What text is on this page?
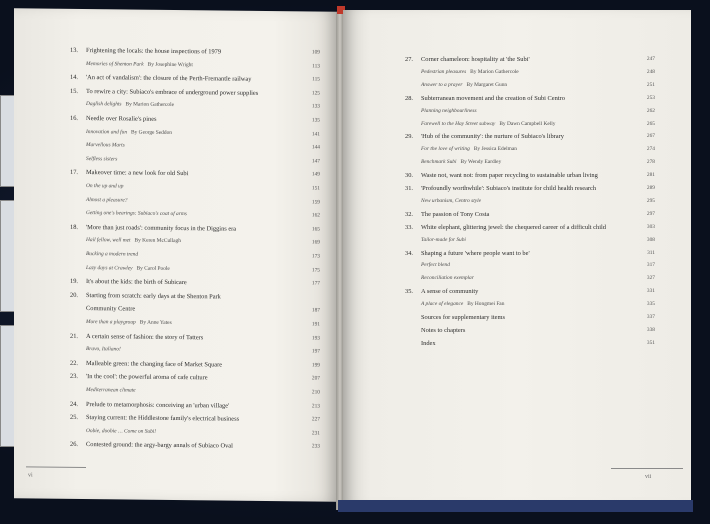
13. Frightening the locals: the house inspections of 1979	109
Memories of Shenton Park By Josephine Wright	113
14. 'An act of vandalism': the closure of the Perth-Fremantle railway	115
15. To rewire a city: Subiaco's embrace of underground power supplies	125
Daglish delights By Marion Gathercole	133
16. Needle over Rosalie's pines	135
Innovation and fun By George Seddon	141
Marvellous Marts	144
Selfless sisters	147
17. Makeover time: a new look for old Subi	149
On the up and up	151
Almost a pleasure?	159
Getting one's bearings: Subiaco's coat of arms	162
18. 'More than just roads': community focus in the Diggins era	165
Hail fellow, well met By Keren McCullagh	169
Bucking a modern trend	173
Lazy days at Crawley By Carol Poole	175
19. It's about the kids: the birth of Subicare	177
20. Starting from scratch: early days at the Shenton Park
Community Centre	187
More than a playgroup By Anne Yates	191
21. A certain sense of fashion: the story of Tatters	193
Bravo, Italiano!	197
22. Malleable green: the changing face of Market Square	199
23. 'In the cool': the powerful aroma of cafe culture	207
Mediterranean climate	210
24. Prelude to metamorphosis: conceiving an 'urban village'	213
25. Staying current: the Hiddlestone family's electrical business	227
Oobie, doobie … Come on Subi!	231
26. Contested ground: the argy-bargy annals of Subiaco Oval	233
vi
27. Corner chameleon: hospitality at 'the Subi'	247
Pedestrian pleasures By Marion Gathercole	248
Answer to a prayer By Margaret Gunn	251
28. Subterranean movement and the creation of Subi Centro	253
Planning neighbourliness	262
Farewell to the Hay Street subway By Dawn Campbell Kelly	265
29. 'Hub of the community': the nurture of Subiaco's library	267
For the love of writing By Jessica Edelman	274
Benchmark Subi By Wendy Eardley	278
30. Waste not, want not: from paper recycling to sustainable urban living	281
31. 'Profoundly worthwhile': Subiaco's institute for child health research	289
New urbanism, Centro style	295
32. The passion of Tony Costa	297
33. White elephant, glittering jewel: the chequered career of a difficult child	303
Tailor-made for Subi	308
34. Shaping a future 'where people want to be'	311
Perfect blend	317
Reconciliation exemplar	327
35. A sense of community	331
A place of elegance By Hongmei Fan	335
Sources for supplementary items	337
Notes to chapters	338
Index	351
vii
